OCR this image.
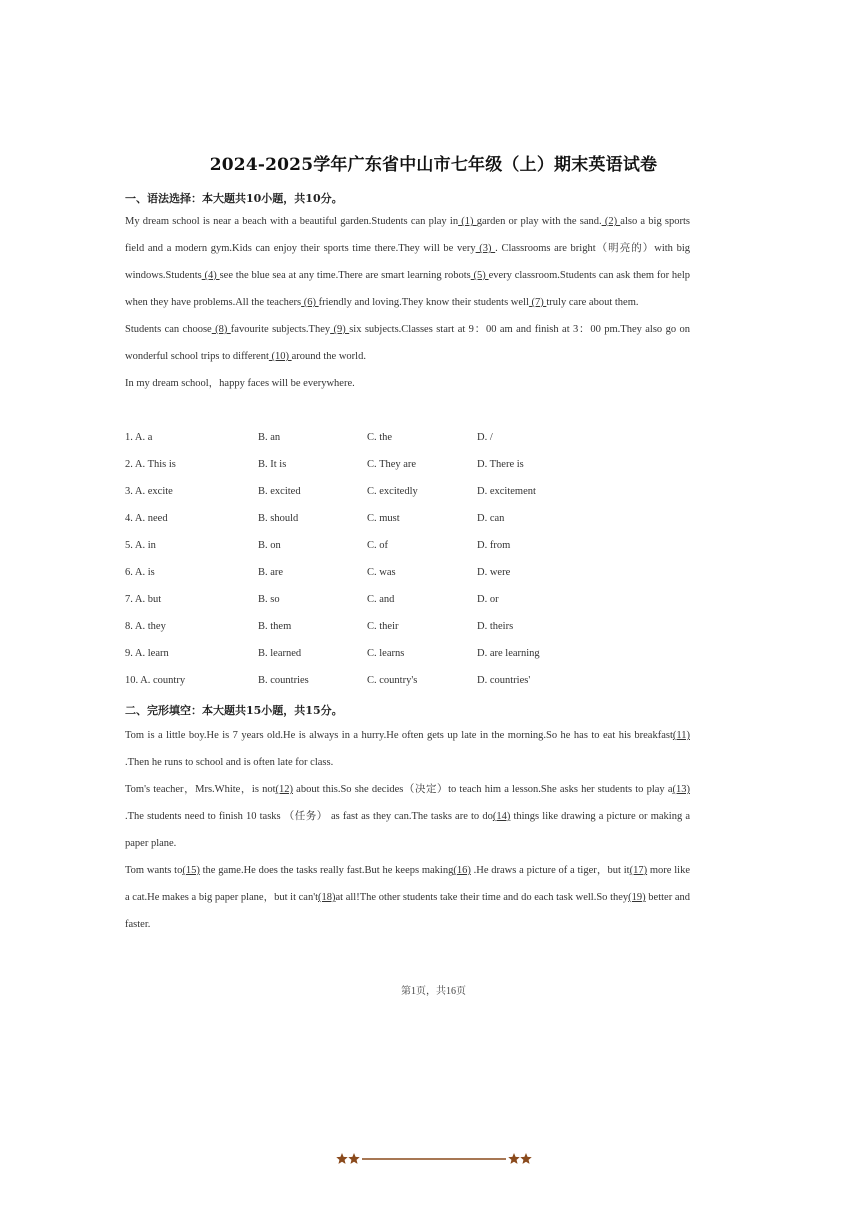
2024-2025学年广东省中山市七年级（上）期末英语试卷
一、语法选择：本大题共10小题，共10分。

My dream school is near a beach with a beautiful garden.Students can play in (1) garden or play with the sand. (2) also a big sports field and a modern gym.Kids can enjoy their sports time there.They will be very (3) . Classrooms are bright（明亮的）with big windows.Students (4) see the blue sea at any time.There are smart learning robots (5) every classroom.Students can ask them for help when they have problems.All the teachers (6) friendly and loving.They know their students well (7) truly care about them.

Students can choose (8) favourite subjects.They (9) six subjects.Classes start at 9：00 am and finish at 3：00 pm.They also go on wonderful school trips to different (10) around the world.

In my dream school，happy faces will be everywhere.

1. A. a	B. an	C. the	D. /
2. A. This is	B. It is	C. They are	D. There is
3. A. excite	B. excited	C. excitedly	D. excitement
4. A. need	B. should	C. must	D. can
5. A. in	B. on	C. of	D. from
6. A. is	B. are	C. was	D. were
7. A. but	B. so	C. and	D. or
8. A. they	B. them	C. their	D. theirs
9. A. learn	B. learned	C. learns	D. are learning
10. A. country	B. countries	C. country's	D. countries'
二、完形填空：本大题共15小题，共15分。

Tom is a little boy.He is 7 years old.He is always in a hurry.He often gets up late in the morning.So he has to eat his breakfast(11) .Then he runs to school and is often late for class.

Tom's teacher，Mrs.White，is not(12) about this.So she decides（决定）to teach him a lesson.She asks her students to play a(13) .The students need to finish 10 tasks （任务） as fast as they can.The tasks are to do(14) things like drawing a picture or making a paper plane.

Tom wants to(15) the game.He does the tasks really fast.But he keeps making(16) .He draws a picture of a tiger，but it(17) more like a cat.He makes a big paper plane，but it can't(18)at all!The other students take their time and do each task well.So they(19) better and faster.

第1页，共16页
